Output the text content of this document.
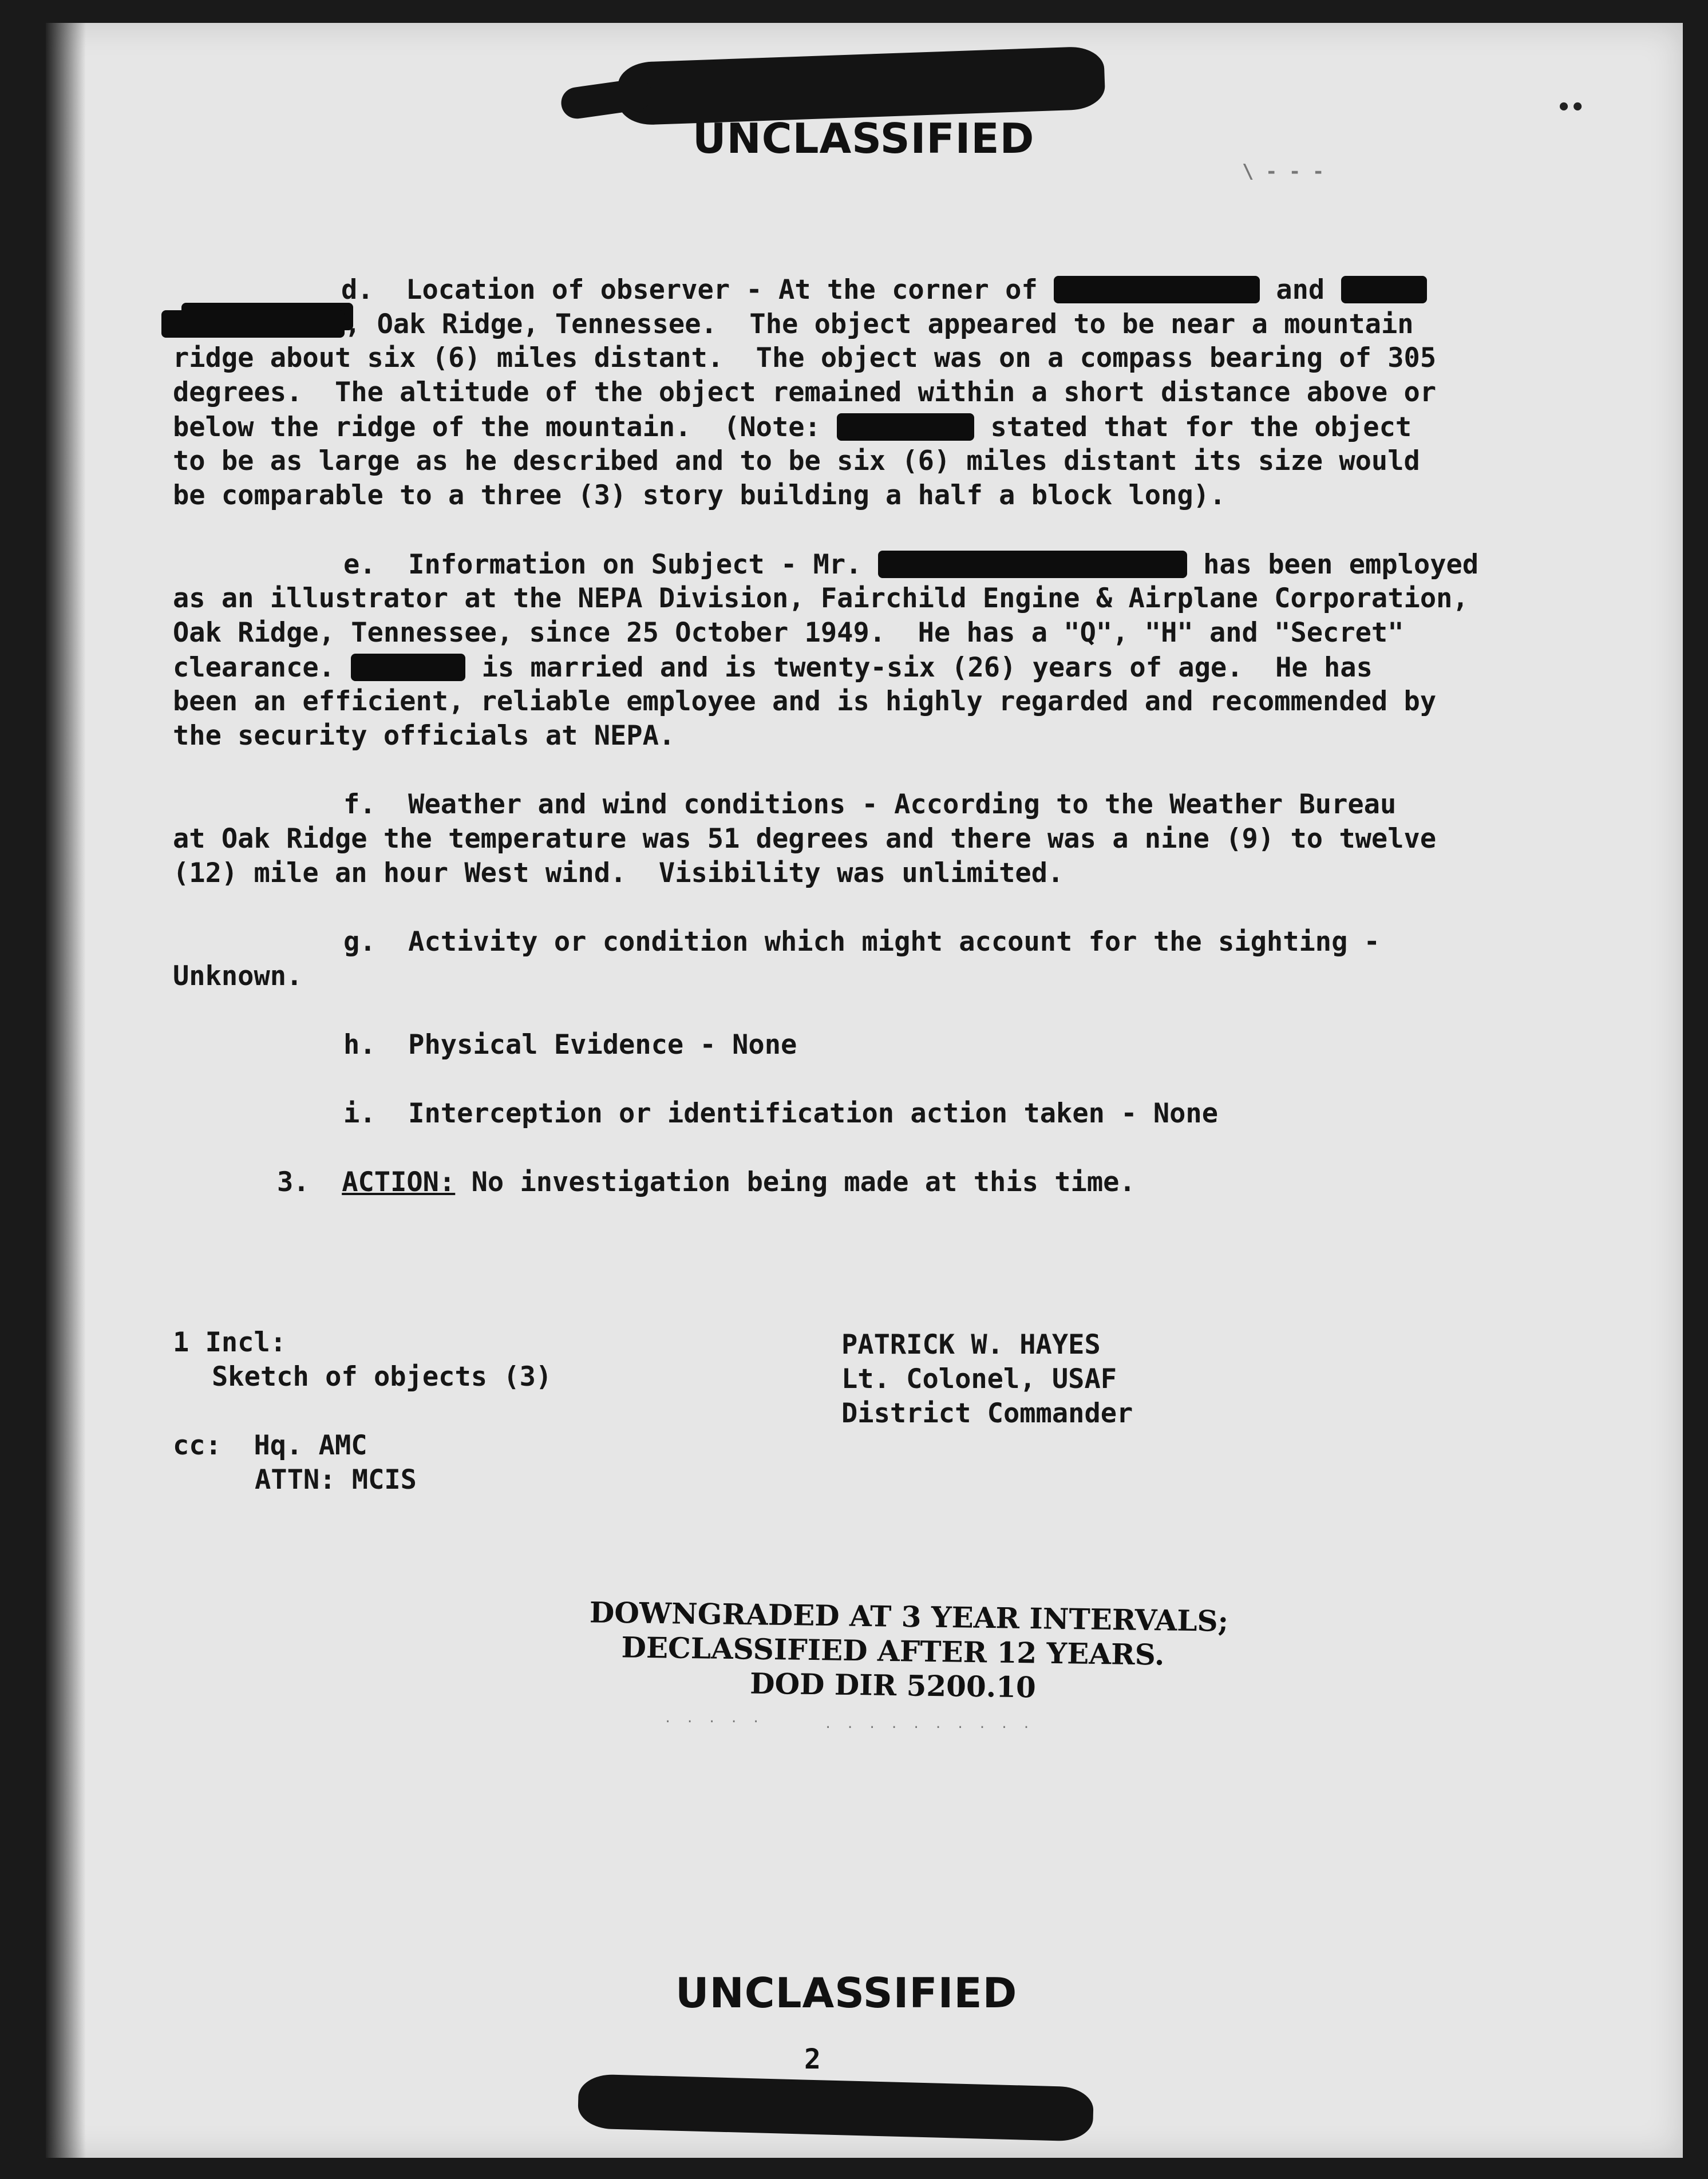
UNCLASSIFIED
••
\ - - -

d.  Location of observer - At the corner of	and
, Oak Ridge, Tennessee.  The object appeared to be near a mountain
ridge about six (6) miles distant.  The object was on a compass bearing of 305
degrees.  The altitude of the object remained within a short distance above or
below the ridge of the mountain.  (Note:	stated that for the object
to be as large as he described and to be six (6) miles distant its size would
be comparable to a three (3) story building a half a block long).
e.  Information on Subject - Mr.	has been employed
as an illustrator at the NEPA Division, Fairchild Engine & Airplane Corporation,
Oak Ridge, Tennessee, since 25 October 1949.  He has a "Q", "H" and "Secret"
clearance.	is married and is twenty-six (26) years of age.  He has
been an efficient, reliable employee and is highly regarded and recommended by
the security officials at NEPA.
f.  Weather and wind conditions - According to the Weather Bureau
at Oak Ridge the temperature was 51 degrees and there was a nine (9) to twelve
(12) mile an hour West wind.  Visibility was unlimited.
g.  Activity or condition which might account for the sighting -
Unknown.
h.  Physical Evidence - None
i.  Interception or identification action taken - None
3. ACTION: No investigation being made at this time.
1 Incl:
Sketch of objects (3)
cc:  Hq. AMC
ATTN: MCIS
PATRICK W. HAYES
Lt. Colonel, USAF
District Commander
DOWNGRADED AT 3 YEAR INTERVALS;
DECLASSIFIED AFTER 12 YEARS.
DOD DIR 5200.10
. . . . .	. . . . . . . . . .
UNCLASSIFIED
2
